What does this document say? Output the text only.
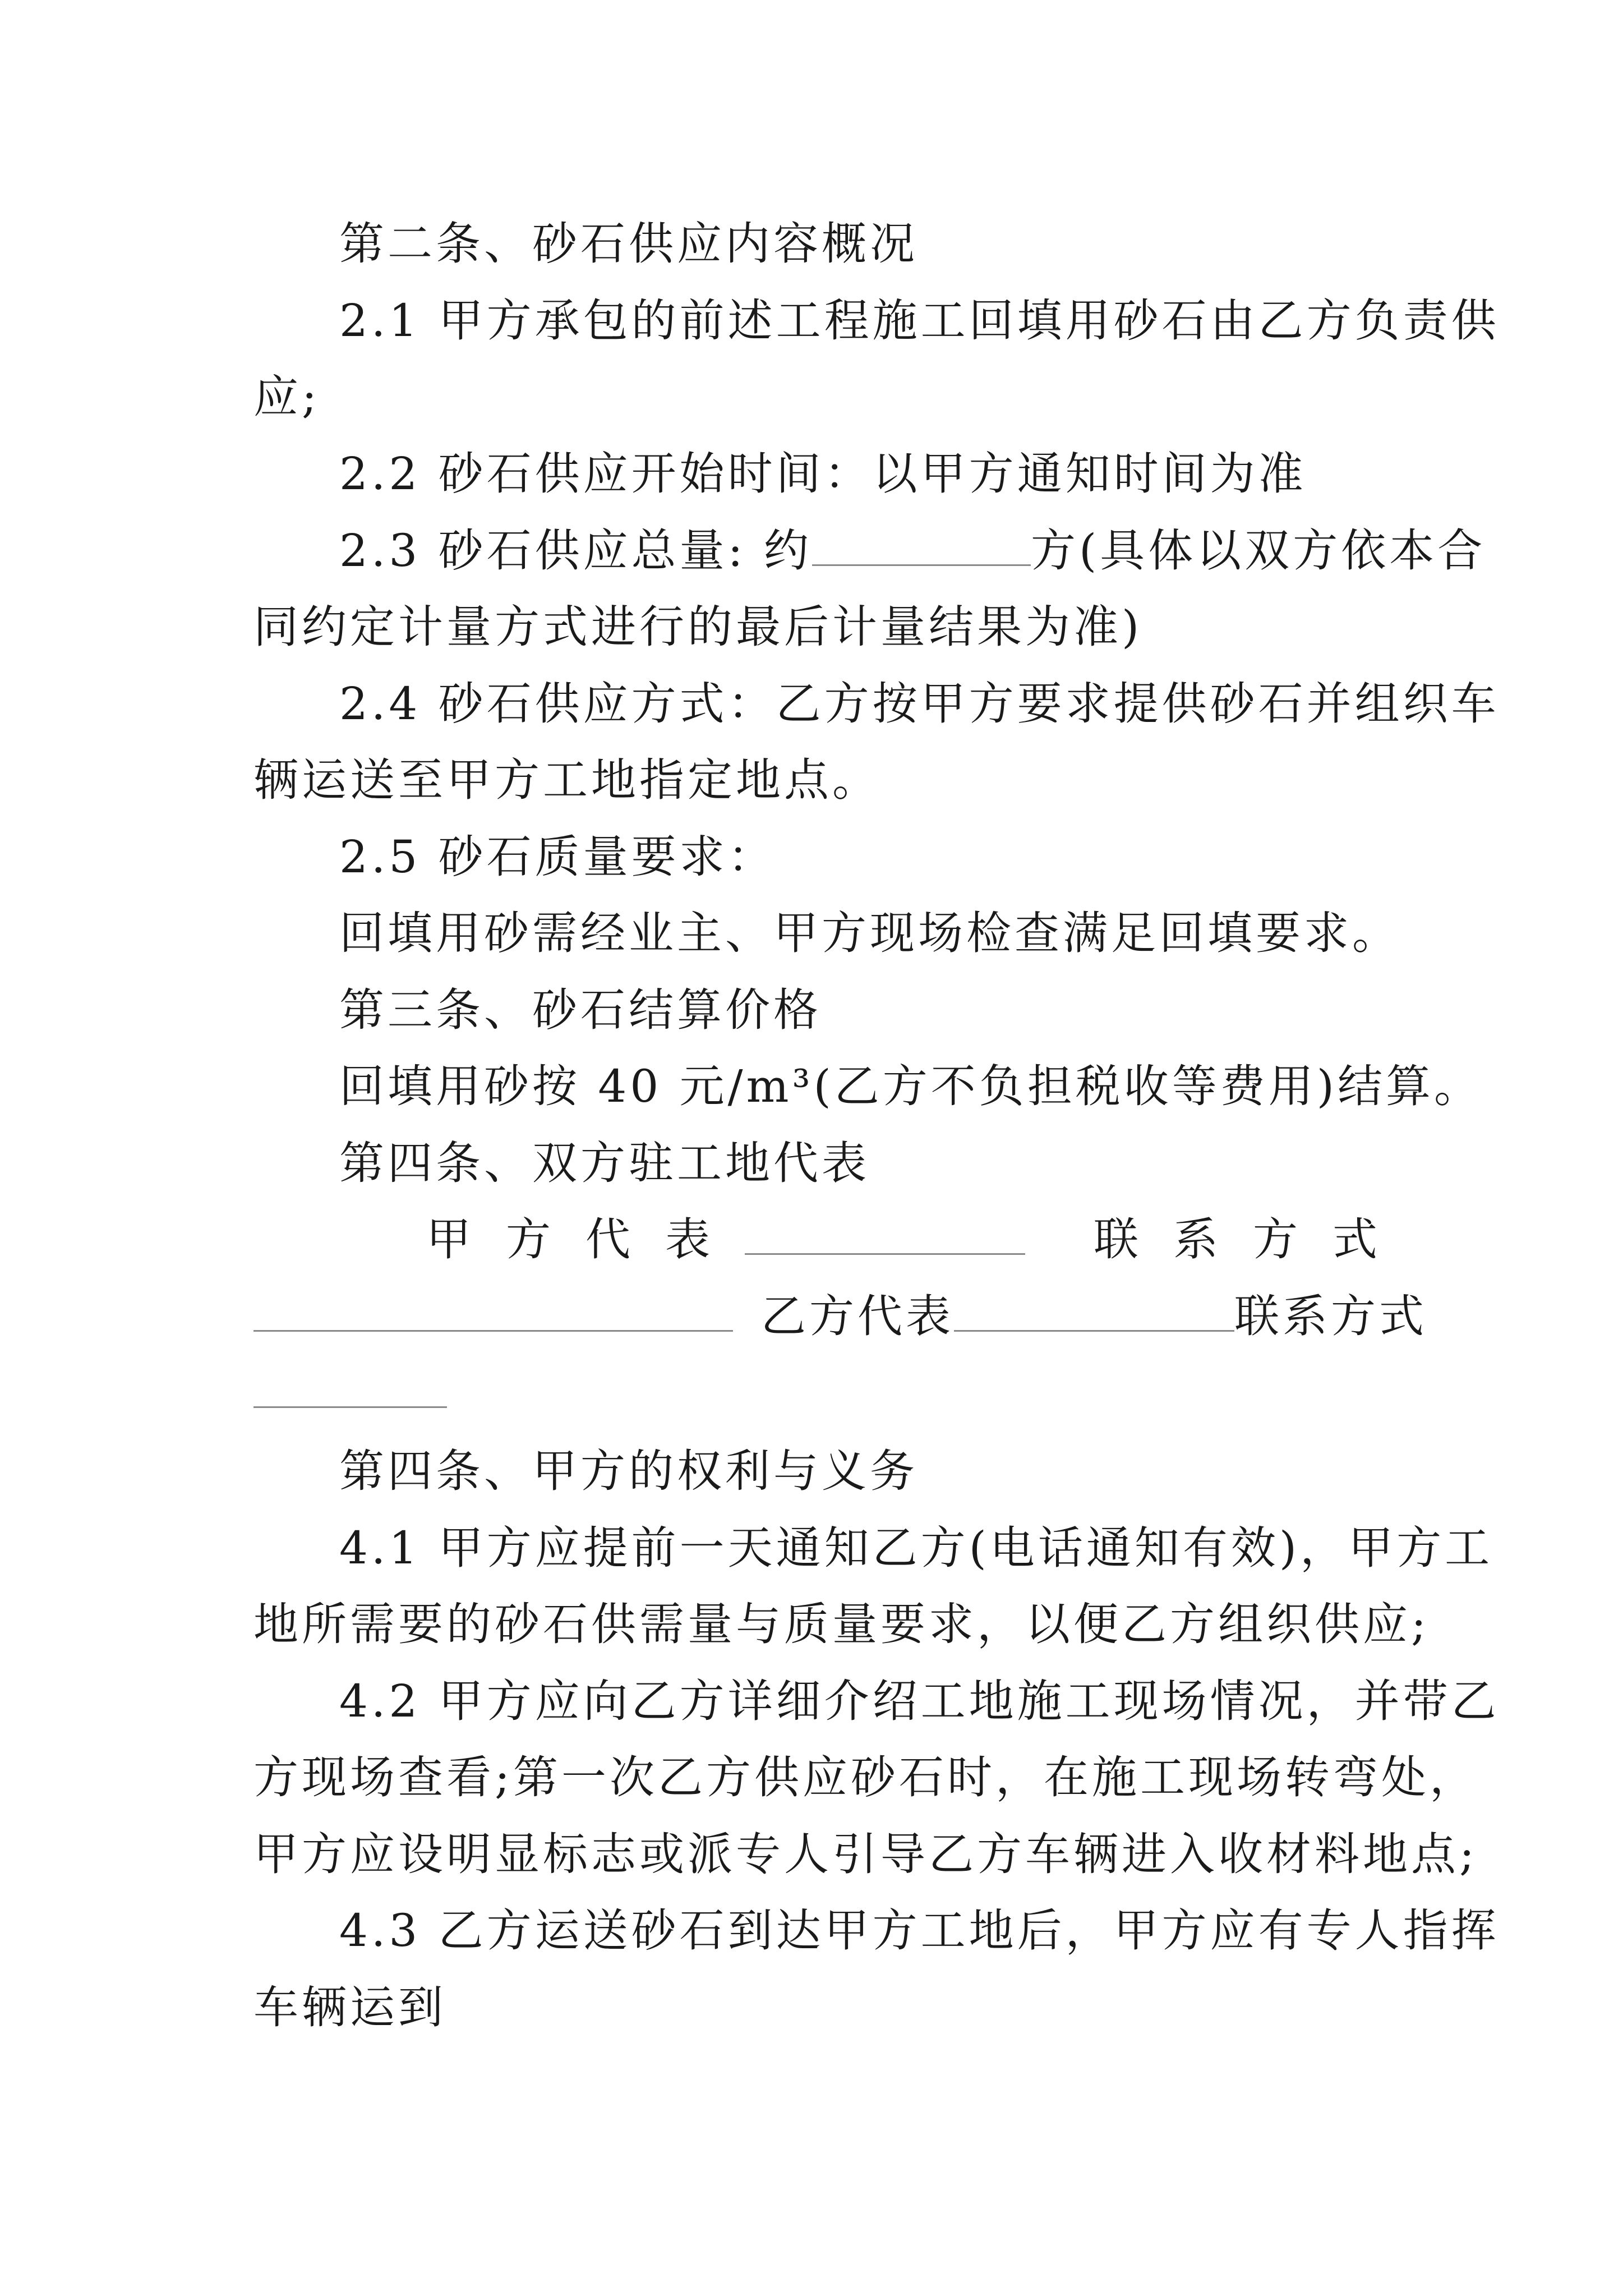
第二条、砂石供应内容概况
2.1 甲方承包的前述工程施工回填用砂石由乙方负责供
应;
2.2 砂石供应开始时间：以甲方通知时间为准
2.3 砂石供应总量: 约	方(具体以双方依本合
同约定计量方式进行的最后计量结果为准)
2.4 砂石供应方式：乙方按甲方要求提供砂石并组织车
辆运送至甲方工地指定地点。
2.5 砂石质量要求：
回填用砂需经业主、甲方现场检查满足回填要求。
第三条、砂石结算价格
回填用砂按 40 元/m³(乙方不负担税收等费用)结算。
第四条、双方驻工地代表
甲方代表	联系方式
乙方代表	联系方式
第四条、甲方的权利与义务
4.1 甲方应提前一天通知乙方(电话通知有效)，甲方工
地所需要的砂石供需量与质量要求，以便乙方组织供应;
4.2 甲方应向乙方详细介绍工地施工现场情况，并带乙
方现场查看;第一次乙方供应砂石时，在施工现场转弯处，
甲方应设明显标志或派专人引导乙方车辆进入收材料地点;
4.3 乙方运送砂石到达甲方工地后，甲方应有专人指挥
车辆运到
